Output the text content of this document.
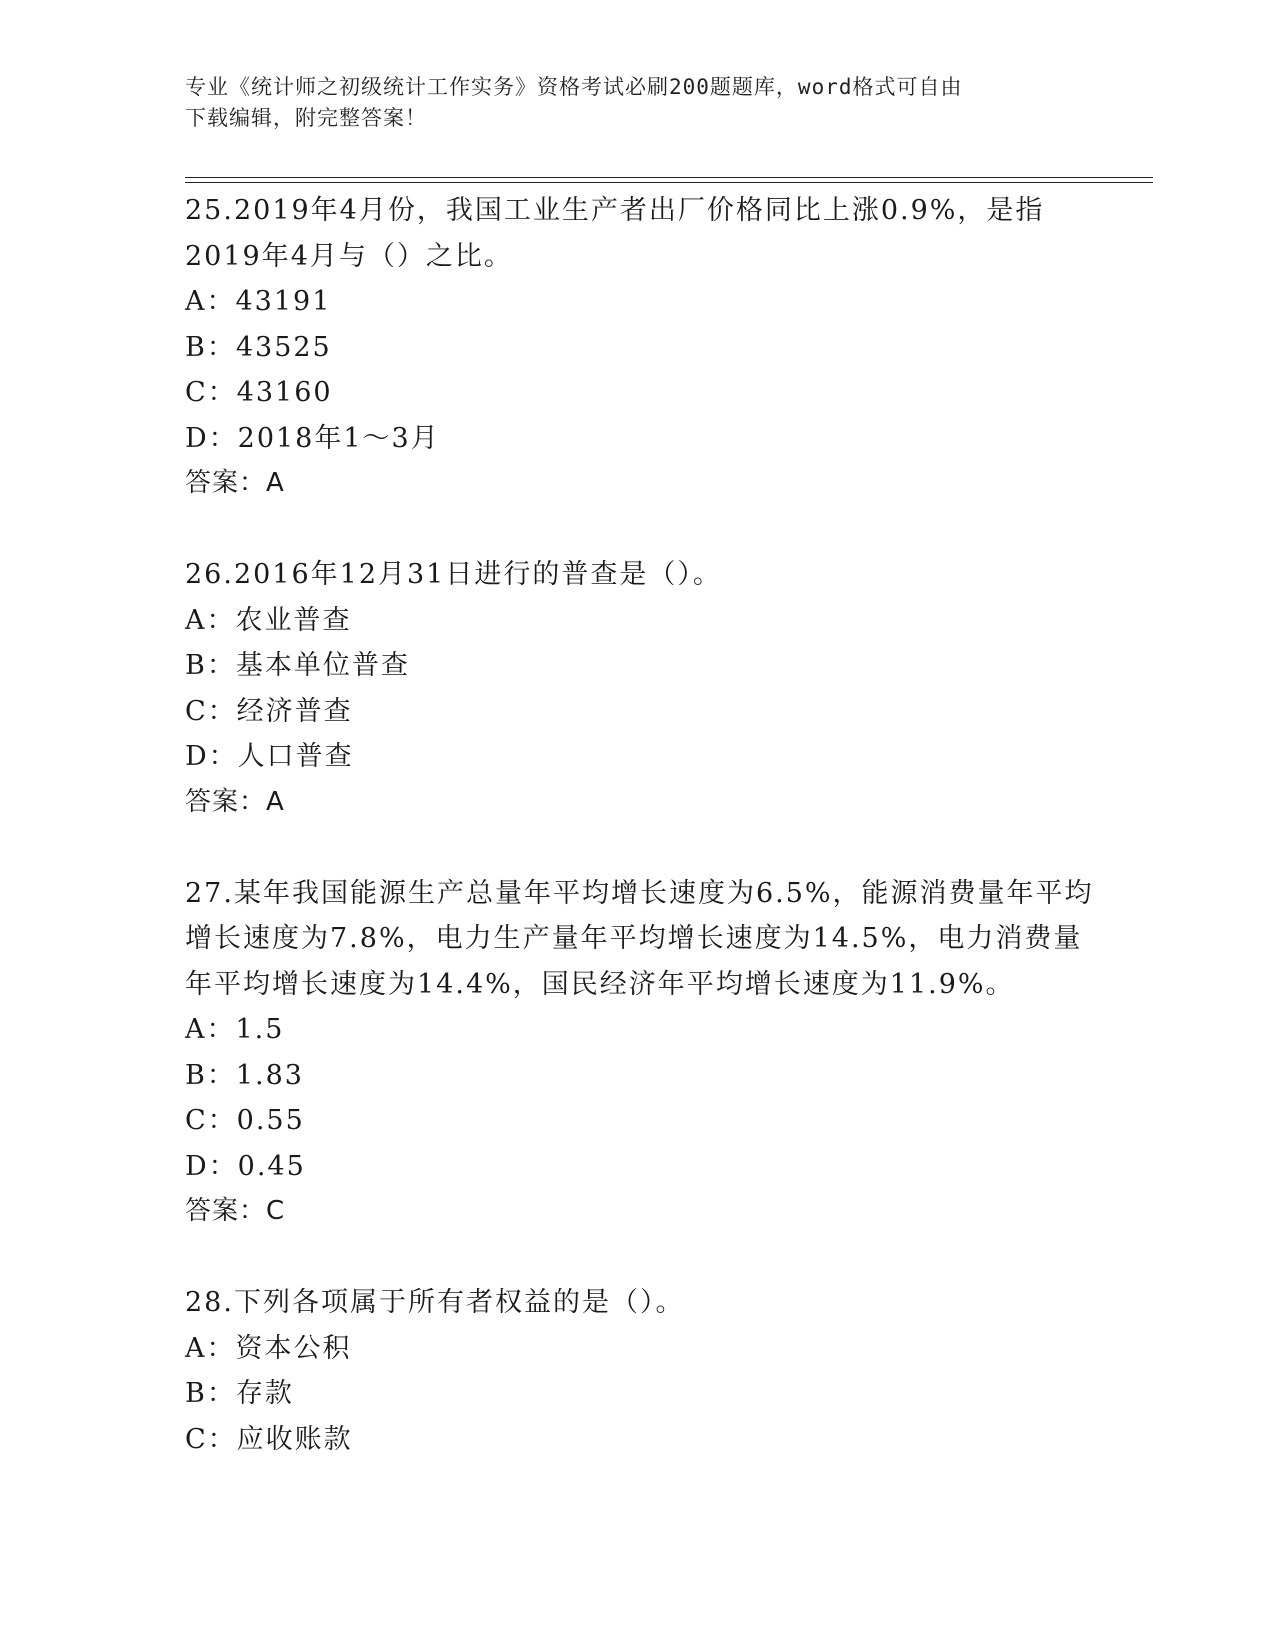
专业《统计师之初级统计工作实务》资格考试必刷200题题库，word格式可自由
下载编辑，附完整答案！
25.2019年4月份，我国工业生产者出厂价格同比上涨0.9%，是指
2019年4月与（）之比。
A：43191
B：43525
C：43160
D：2018年1～3月
答案：A
26.2016年12月31日进行的普查是（）。
A：农业普查
B：基本单位普查
C：经济普查
D：人口普查
答案：A
27.某年我国能源生产总量年平均增长速度为6.5%，能源消费量年平均
增长速度为7.8%，电力生产量年平均增长速度为14.5%，电力消费量
年平均增长速度为14.4%，国民经济年平均增长速度为11.9%。
A：1.5
B：1.83
C：0.55
D：0.45
答案：C
28.下列各项属于所有者权益的是（）。
A：资本公积
B：存款
C：应收账款
